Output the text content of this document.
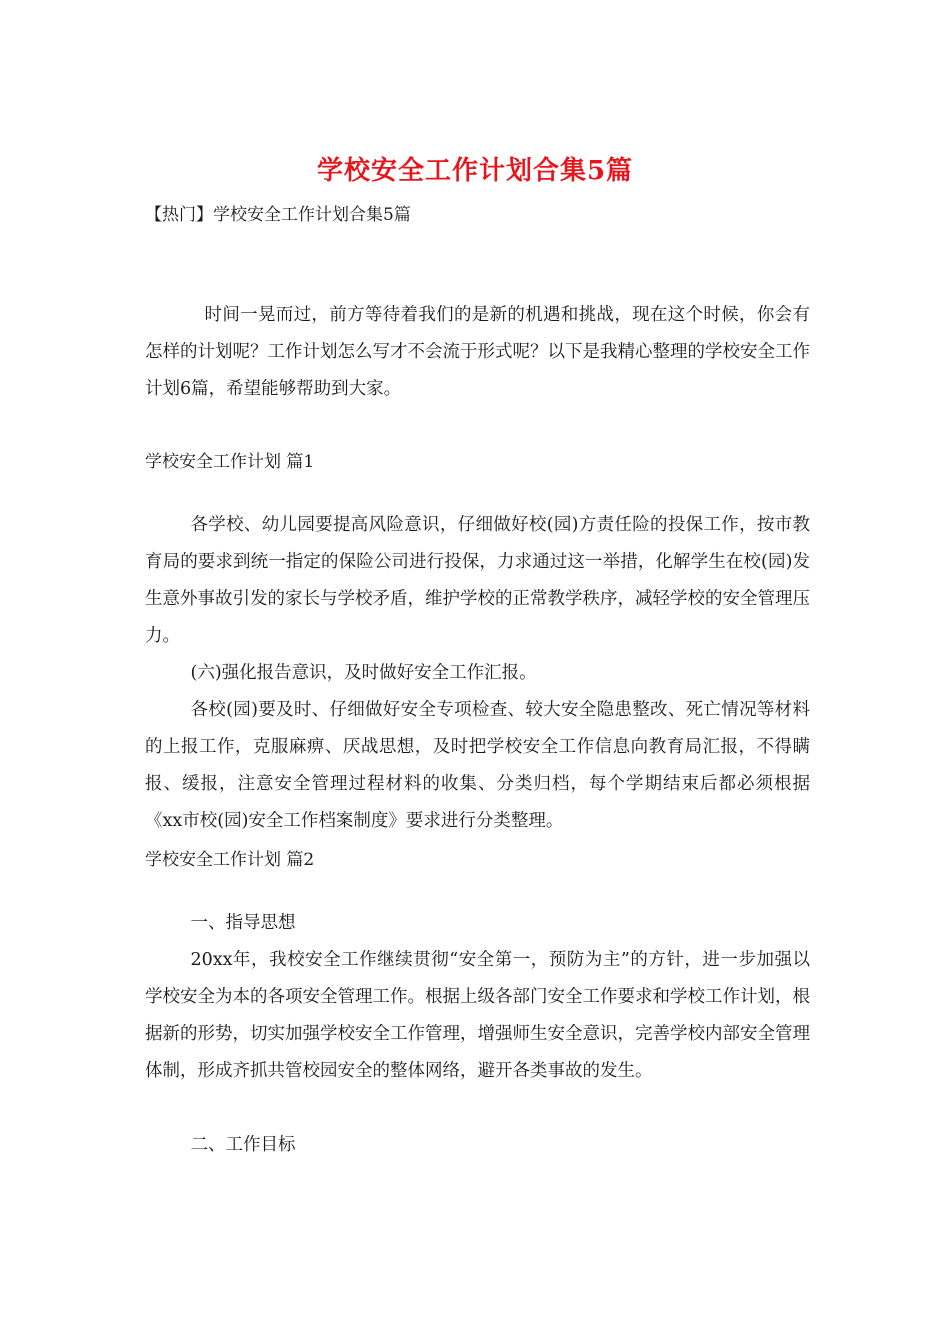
学校安全工作计划合集5篇

【热门】学校安全工作计划合集5篇

时间一晃而过，前方等待着我们的是新的机遇和挑战，现在这个时候，你会有怎样的计划呢？工作计划怎么写才不会流于形式呢？以下是我精心整理的学校安全工作计划6篇，希望能够帮助到大家。

学校安全工作计划 篇1

各学校、幼儿园要提高风险意识，仔细做好校(园)方责任险的投保工作，按市教育局的要求到统一指定的保险公司进行投保，力求通过这一举措，化解学生在校(园)发生意外事故引发的家长与学校矛盾，维护学校的正常教学秩序，减轻学校的安全管理压力。

(六)强化报告意识，及时做好安全工作汇报。

各校(园)要及时、仔细做好安全专项检查、较大安全隐患整改、死亡情况等材料的上报工作，克服麻痹、厌战思想，及时把学校安全工作信息向教育局汇报，不得瞒报、缓报，注意安全管理过程材料的收集、分类归档，每个学期结束后都必须根据《xx市校(园)安全工作档案制度》要求进行分类整理。

学校安全工作计划 篇2

一、指导思想

20xx年，我校安全工作继续贯彻“安全第一，预防为主”的方针，进一步加强以学校安全为本的各项安全管理工作。根据上级各部门安全工作要求和学校工作计划，根据新的形势，切实加强学校安全工作管理，增强师生安全意识，完善学校内部安全管理体制，形成齐抓共管校园安全的整体网络，避开各类事故的发生。

二、工作目标
